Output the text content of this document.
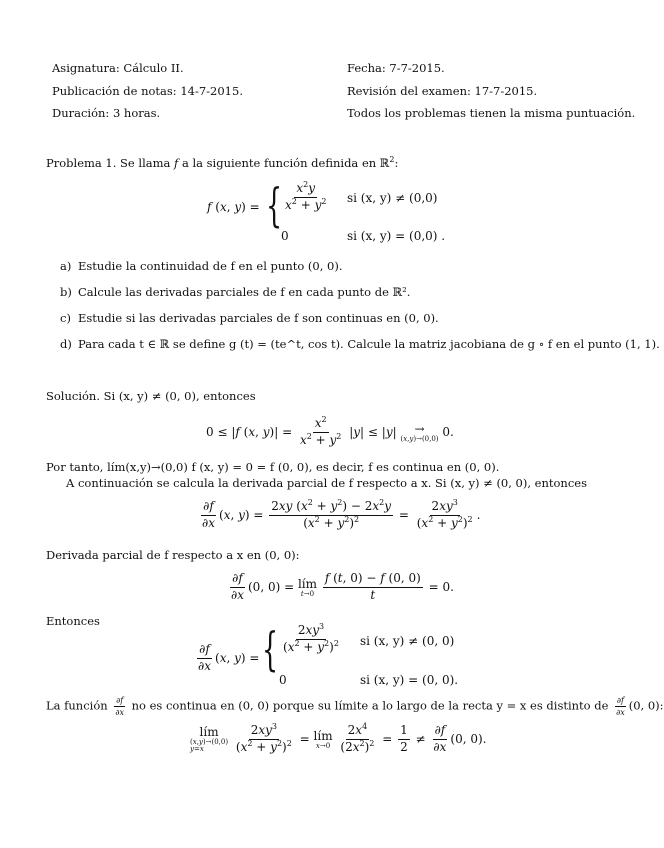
Asignatura: Cálculo II.	Fecha: 7-7-2015.
Publicación de notas: 14-7-2015.	Revisión del examen: 17-7-2015.
Duración: 3 horas.	Todos los problemas tienen la misma puntuación.
Problema 1. Se llama f a la siguiente función definida en ℝ$^2$:
f (x, y) = { $\frac{x^2y}{x^2 + y^2}$ si (x, y) ≠ (0,0)
0	si (x, y) = (0,0) .
a) Estudie la continuidad de f en el punto (0, 0).
b) Calcule las derivadas parciales de f en cada punto de ℝ².
c) Estudie si las derivadas parciales de f son continuas en (0, 0).
d) Para cada t ∈ ℝ se define g (t) = (te^t, cos t). Calcule la matriz jacobiana de g ∘ f en el punto (1, 1).
Solución. Si (x, y) ≠ (0, 0), entonces
0 ≤ |f (x, $y)| = \frac{x^2}{x^2 + y^2} |y| \le |y|$ →
(x,y)→(0,0) 0.
Por tanto, lím(x,y)→(0,0) f (x, y) = 0 = f (0, 0), es decir, f es continua en (0, 0).
A continuación se calcula la derivada parcial de f respecto a x. Si (x, y) ≠ (0, 0), entonces
$\frac{\partial f}{\partial x} (x$, $y) = \frac{2xy (x^2 + y^2) - 2x^2y}{(x^2 + y^2)^2} = \frac{2xy^3}{(x^2 + y^2)^2}$ .
Derivada parcial de f respecto a x en (0, 0):
$\frac{\partial f}{\partial x} (0$, 0) = lím
t→0
$\frac{f (t, 0) - f (0, 0)}{t} = 0$.
Entonces
$\frac{\partial f}{\partial x} (x$, y) = { $\frac{2xy^3}{(x^2 + y^2)^2}$ si (x, y) ≠ (0, 0)
0	si (x, y) = (0, 0).
La función $\frac{\partial f}{\partial x}$ no es continua en (0, 0) porque su límite a lo largo de la recta y = x es distinto de $\frac{\partial f}{\partial x} (0$, 0):
lím
(x,y)→(0,0)
y=x
	$\frac{2xy^3}{(x^2 + y^2)^2}$ = lím
x→0
$\frac{2x^4}{(2x^2)^2} = \frac{1}{2} \ne \frac{\partial f}{\partial x} (0$, 0).
